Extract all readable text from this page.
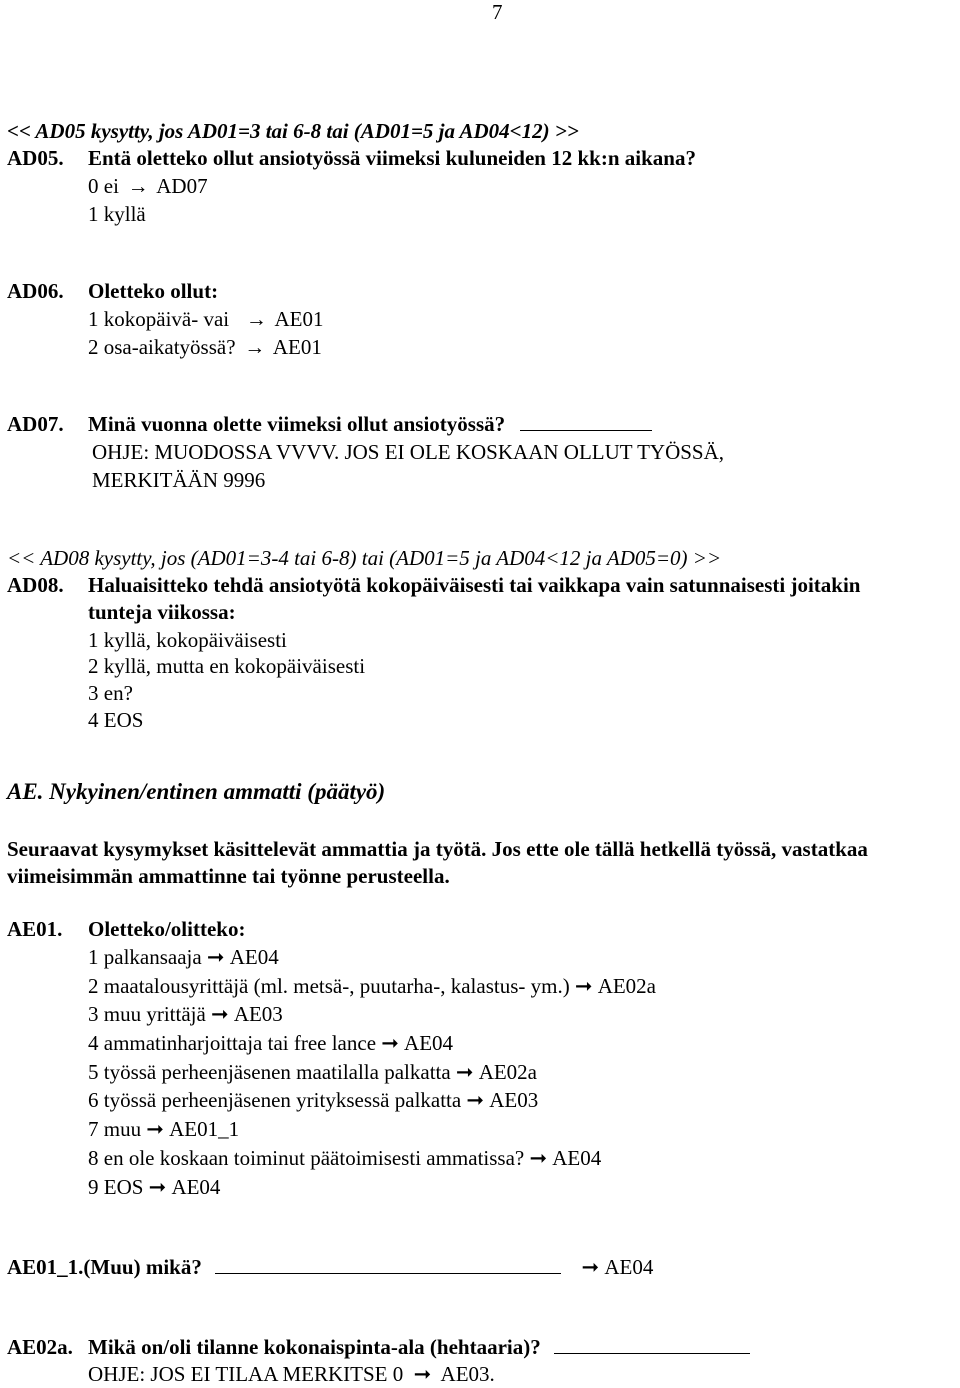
7
<< AD05 kysytty, jos AD01=3 tai 6-8 tai (AD01=5 ja AD04<12) >>
AD05. Entä oletteko ollut ansiotyössä viimeksi kuluneiden 12 kk:n aikana?
0 ei → AD07
1 kyllä
AD06. Oletteko ollut:
1 kokopäivä- vai → AE01
2 osa-aikatyössä? → AE01
AD07. Minä vuonna olette viimeksi ollut ansiotyössä?
OHJE: MUODOSSA VVVV. JOS EI OLE KOSKAAN OLLUT TYÖSSÄ,
MERKITÄÄN 9996
<< AD08 kysytty, jos (AD01=3-4 tai 6-8) tai (AD01=5 ja AD04<12 ja AD05=0) >>
AD08. Haluaisitteko tehdä ansiotyötä kokopäiväisesti tai vaikkapa vain satunnaisesti joitakin
tunteja viikossa:
1 kyllä, kokopäiväisesti
2 kyllä, mutta en kokopäiväisesti
3 en?
4 EOS
AE. Nykyinen/entinen ammatti (päätyö)
Seuraavat kysymykset käsittelevät ammattia ja työtä. Jos ette ole tällä hetkellä työssä, vastatkaa
viimeisimmän ammattinne tai työnne perusteella.
AE01. Oletteko/olitteko:
1 palkansaaja ➞ AE04
2 maatalousyrittäjä (ml. metsä-, puutarha-, kalastus- ym.) ➞ AE02a
3 muu yrittäjä ➞ AE03
4 ammatinharjoittaja tai free lance ➞ AE04
5 työssä perheenjäsenen maatilalla palkatta ➞ AE02a
6 työssä perheenjäsenen yrityksessä palkatta ➞ AE03
7 muu ➞ AE01_1
8 en ole koskaan toiminut päätoimisesti ammatissa? ➞ AE04
9 EOS ➞ AE04
AE01_1.(Muu) mikä?	➞ AE04
AE02a. Mikä on/oli tilanne kokonaispinta-ala (hehtaaria)?
OHJE: JOS EI TILAA MERKITSE 0 ➞ AE03.
